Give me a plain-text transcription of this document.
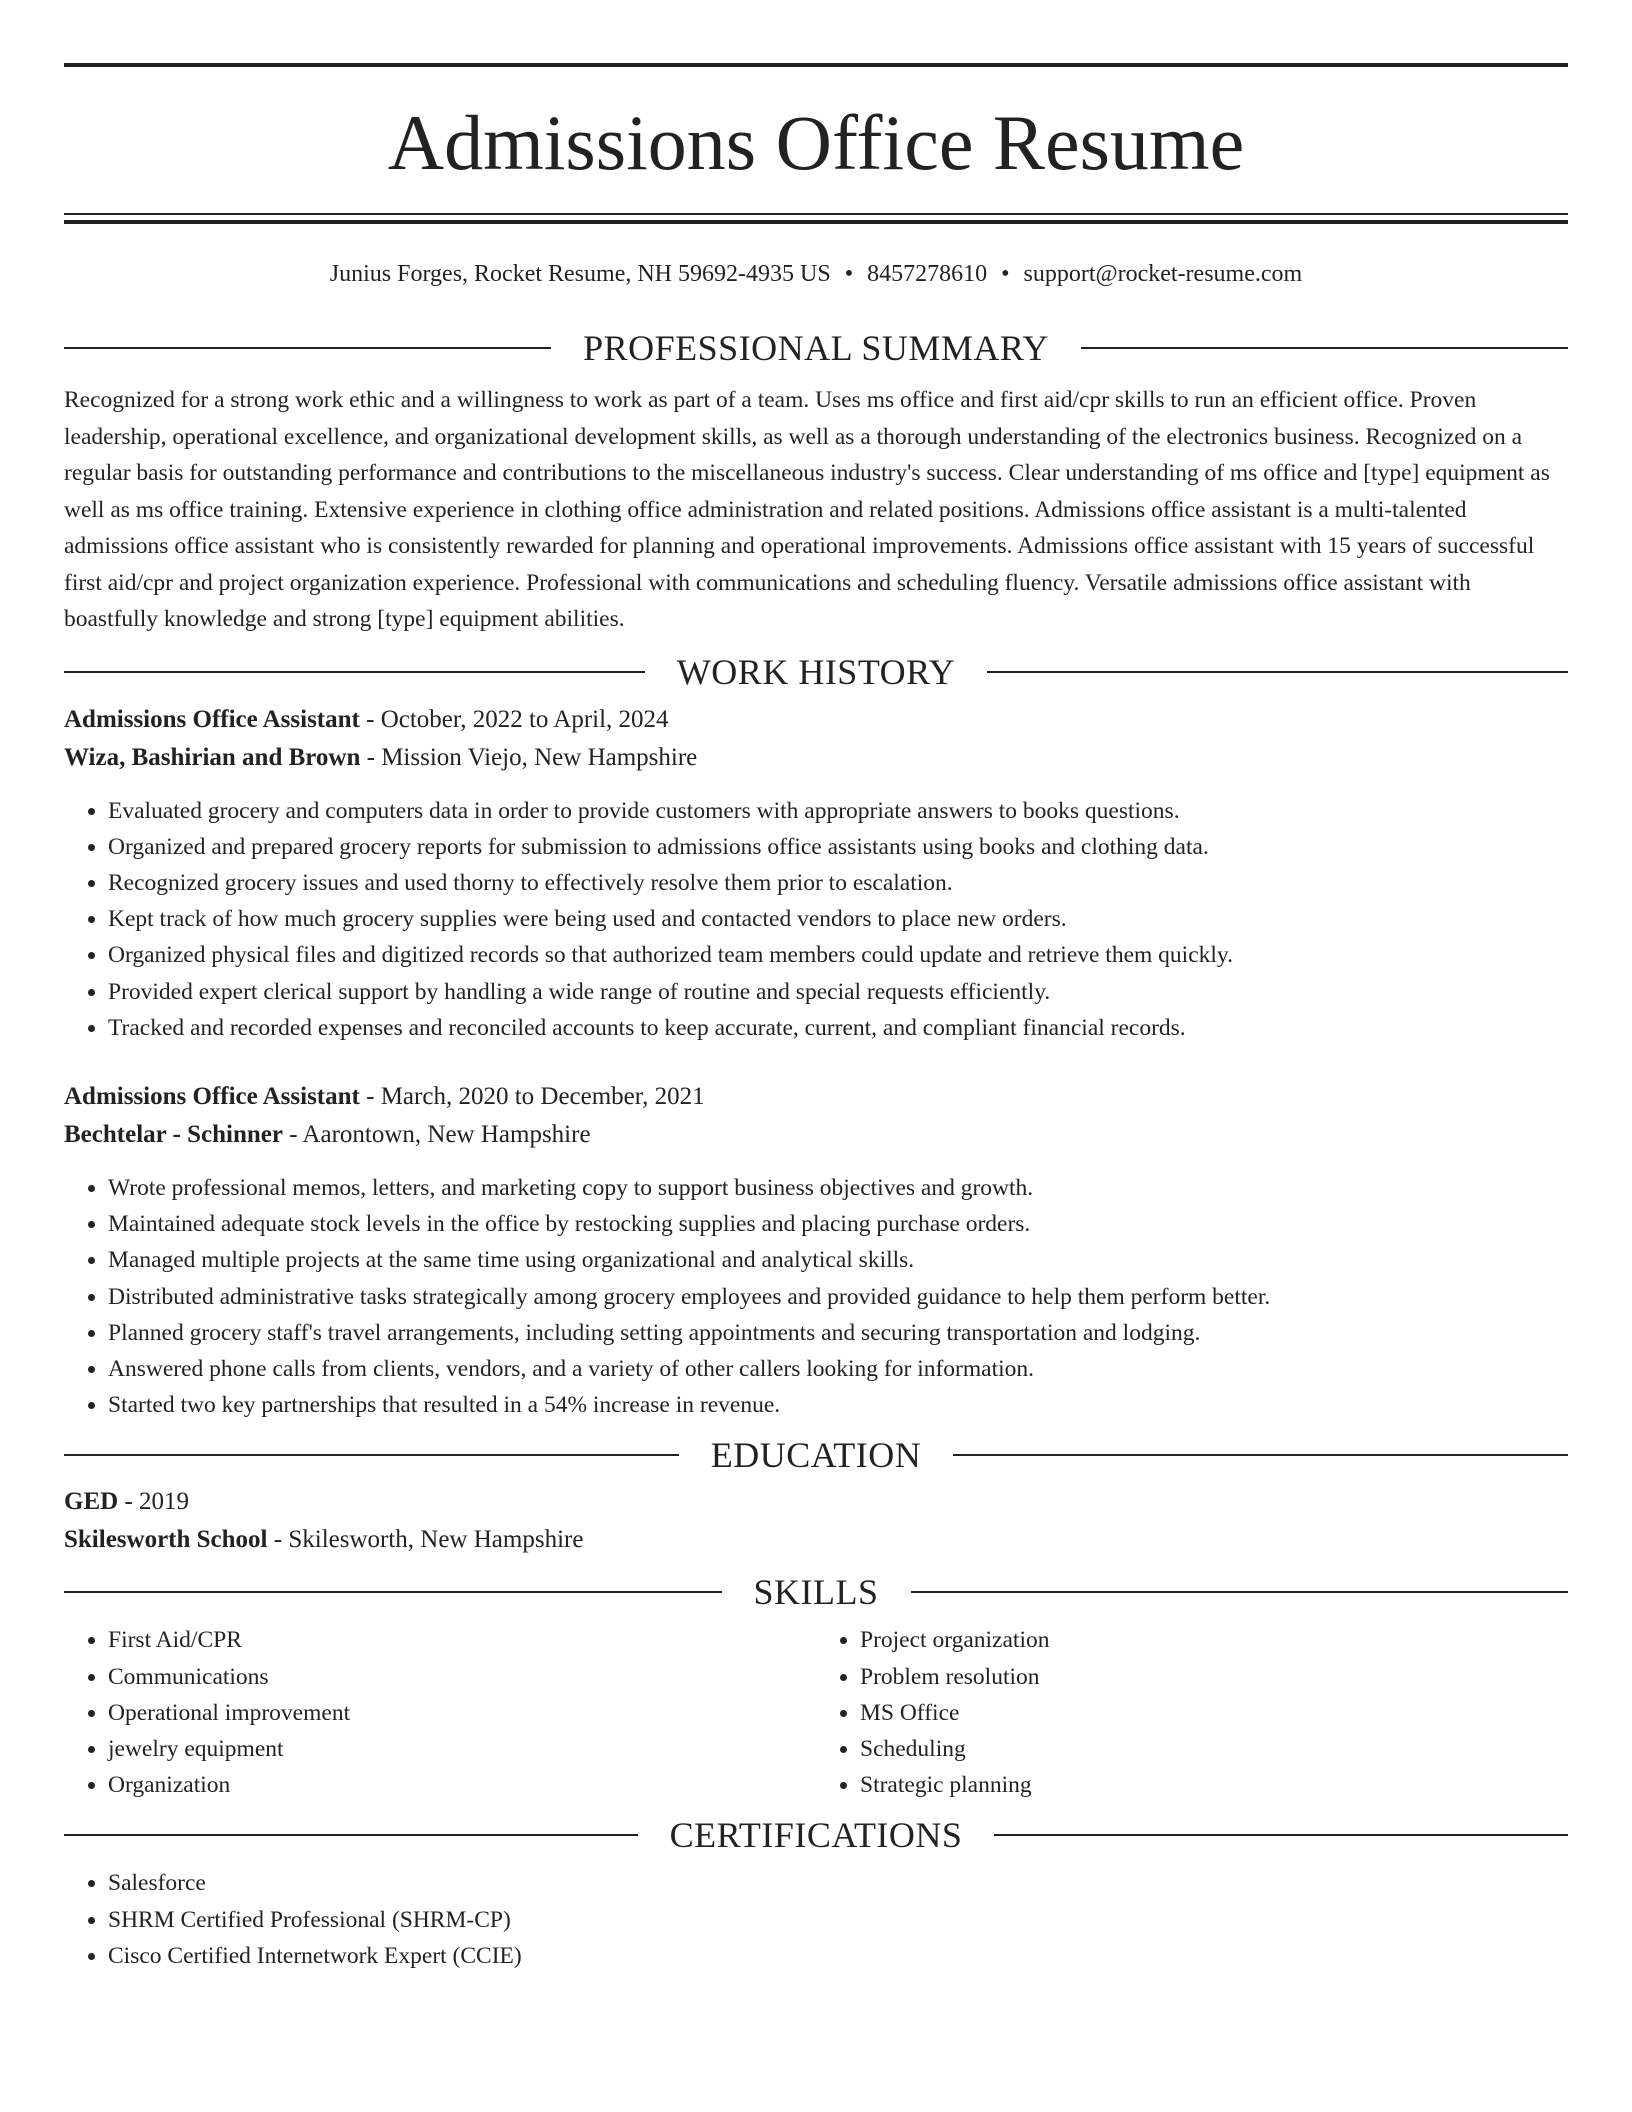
Admissions Office Resume
Junius Forges, Rocket Resume, NH 59692-4935 US • 8457278610 • support@rocket-resume.com
PROFESSIONAL SUMMARY

Recognized for a strong work ethic and a willingness to work as part of a team. Uses ms office and first aid/cpr skills to run an efficient office. Proven leadership, operational excellence, and organizational development skills, as well as a thorough understanding of the electronics business. Recognized on a regular basis for outstanding performance and contributions to the miscellaneous industry's success. Clear understanding of ms office and [type] equipment as well as ms office training. Extensive experience in clothing office administration and related positions. Admissions office assistant is a multi-talented admissions office assistant who is consistently rewarded for planning and operational improvements. Admissions office assistant with 15 years of successful first aid/cpr and project organization experience. Professional with communications and scheduling fluency. Versatile admissions office assistant with boastfully knowledge and strong [type] equipment abilities.

WORK HISTORY
Admissions Office Assistant - October, 2022 to April, 2024
Wiza, Bashirian and Brown - Mission Viejo, New Hampshire
• Evaluated grocery and computers data in order to provide customers with appropriate answers to books questions.
• Organized and prepared grocery reports for submission to admissions office assistants using books and clothing data.
• Recognized grocery issues and used thorny to effectively resolve them prior to escalation.
• Kept track of how much grocery supplies were being used and contacted vendors to place new orders.
• Organized physical files and digitized records so that authorized team members could update and retrieve them quickly.
• Provided expert clerical support by handling a wide range of routine and special requests efficiently.
• Tracked and recorded expenses and reconciled accounts to keep accurate, current, and compliant financial records.
Admissions Office Assistant - March, 2020 to December, 2021
Bechtelar - Schinner - Aarontown, New Hampshire
• Wrote professional memos, letters, and marketing copy to support business objectives and growth.
• Maintained adequate stock levels in the office by restocking supplies and placing purchase orders.
• Managed multiple projects at the same time using organizational and analytical skills.
• Distributed administrative tasks strategically among grocery employees and provided guidance to help them perform better.
• Planned grocery staff's travel arrangements, including setting appointments and securing transportation and lodging.
• Answered phone calls from clients, vendors, and a variety of other callers looking for information.
• Started two key partnerships that resulted in a 54% increase in revenue.
EDUCATION
GED - 2019
Skilesworth School - Skilesworth, New Hampshire
SKILLS
• First Aid/CPR
• Communications
• Operational improvement
• jewelry equipment
• Organization
• Project organization
• Problem resolution
• MS Office
• Scheduling
• Strategic planning
CERTIFICATIONS
• Salesforce
• SHRM Certified Professional (SHRM-CP)
• Cisco Certified Internetwork Expert (CCIE)
